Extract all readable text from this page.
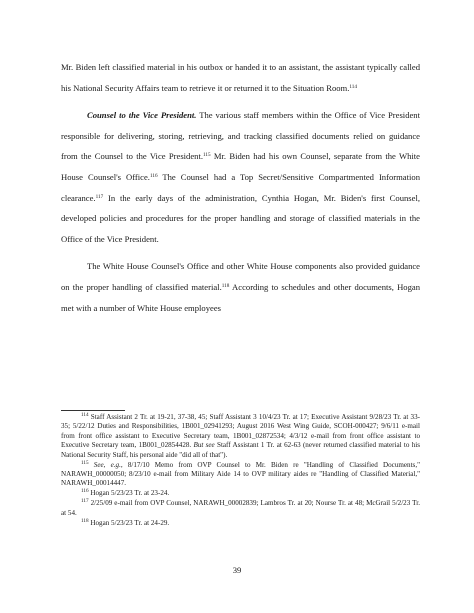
Mr. Biden left classified material in his outbox or handed it to an assistant, the assistant typically called his National Security Affairs team to retrieve it or returned it to the Situation Room.$^{114}$

Counsel to the Vice President. The various staff members within the Office of Vice President responsible for delivering, storing, retrieving, and tracking classified documents relied on guidance from the Counsel to the Vice President.$^{115}$ Mr. Biden had his own Counsel, separate from the White House Counsel's Office.$^{116}$ The Counsel had a Top Secret/Sensitive Compartmented Information clearance.$^{117}$ In the early days of the administration, Cynthia Hogan, Mr. Biden's first Counsel, developed policies and procedures for the proper handling and storage of classified materials in the Office of the Vice President.

The White House Counsel's Office and other White House components also provided guidance on the proper handling of classified material.$^{118}$ According to schedules and other documents, Hogan met with a number of White House employees

$^{114}$ Staff Assistant 2 Tr. at 19-21, 37-38, 45; Staff Assistant 3 10/4/23 Tr. at 17; Executive Assistant 9/28/23 Tr. at 33-35; 5/22/12 Duties and Responsibilities, 1B001_02941293; August 2016 West Wing Guide, SCOH-000427; 9/6/11 e-mail from front office assistant to Executive Secretary team, 1B001_02872534; 4/3/12 e-mail from front office assistant to Executive Secretary team, 1B001_02854428. But see Staff Assistant 1 Tr. at 62-63 (never returned classified material to his National Security Staff, his personal aide "did all of that").

$^{115}$ See, e.g., 8/17/10 Memo from OVP Counsel to Mr. Biden re "Handling of Classified Documents," NARAWH_00000050; 8/23/10 e-mail from Military Aide 14 to OVP military aides re "Handling of Classified Material," NARAWH_00014447.

$^{116}$ Hogan 5/23/23 Tr. at 23-24.

$^{117}$ 2/25/09 e-mail from OVP Counsel, NARAWH_00002839; Lambros Tr. at 20; Nourse Tr. at 48; McGrail 5/2/23 Tr. at 54.

$^{118}$ Hogan 5/23/23 Tr. at 24-29.

39
